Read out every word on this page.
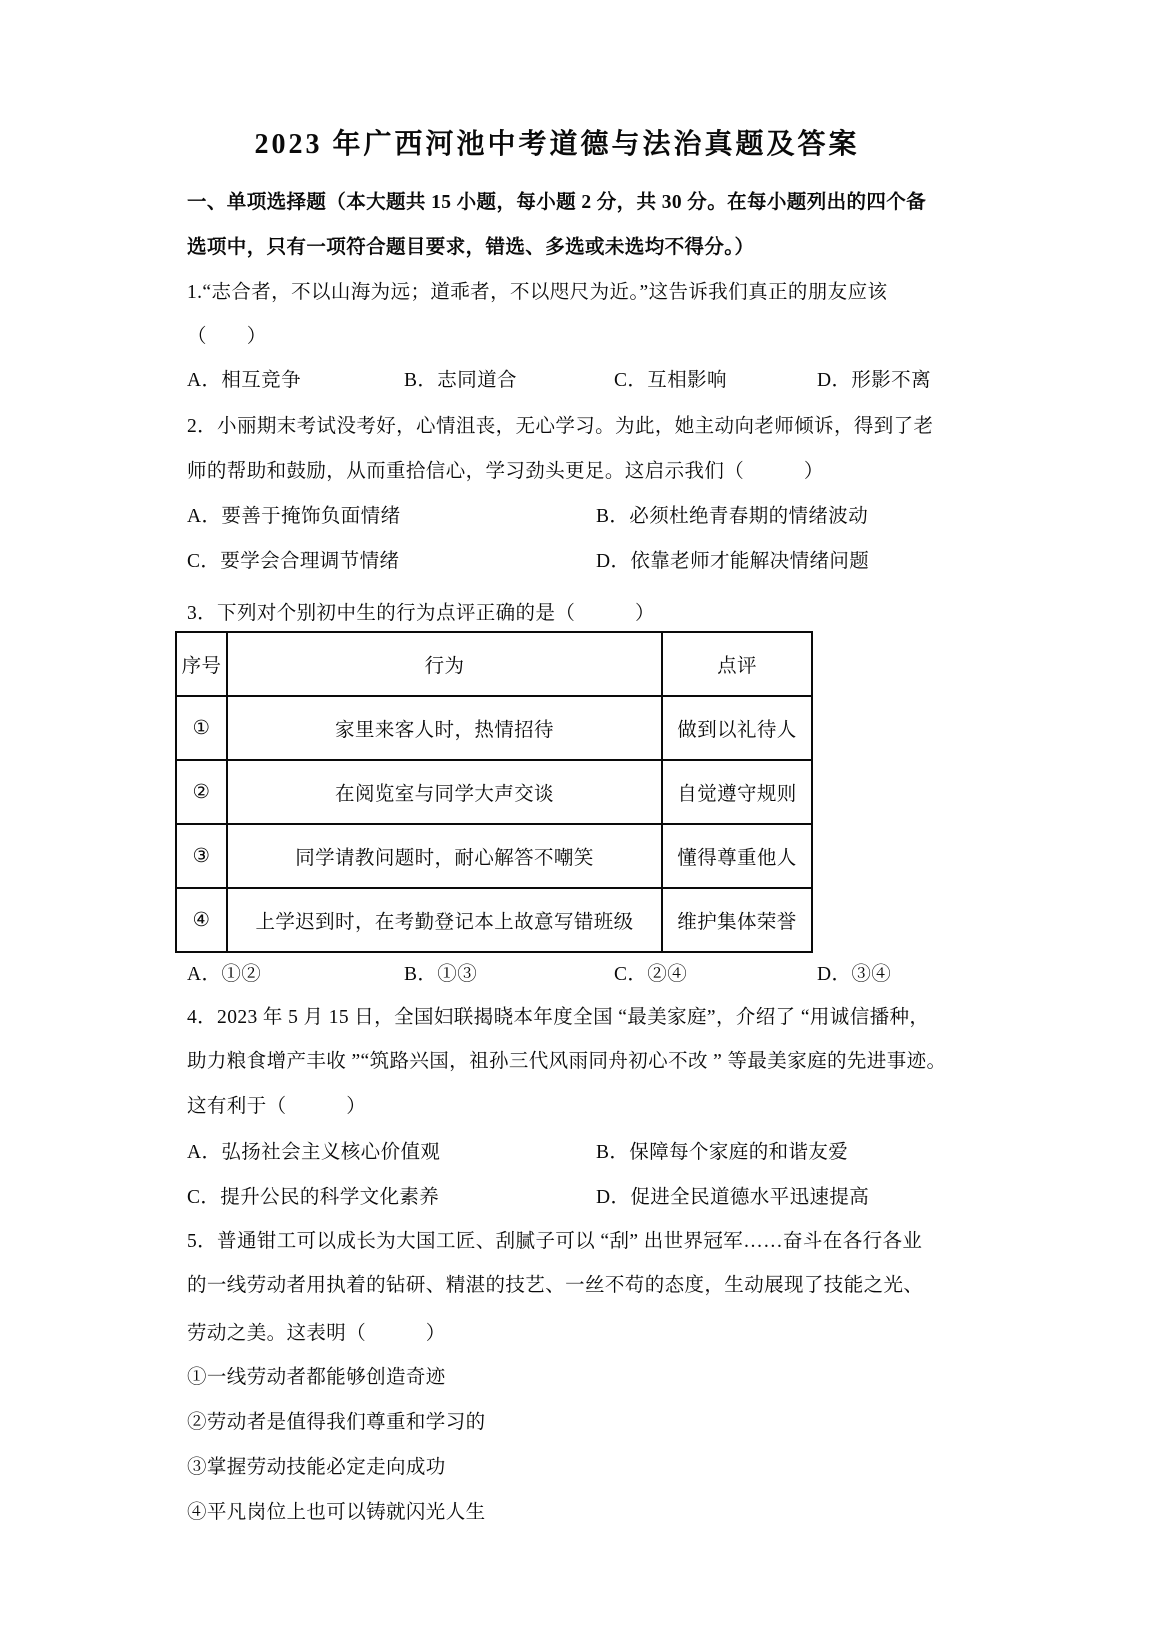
2023 年广西河池中考道德与法治真题及答案
一、单项选择题（本大题共 15 小题，每小题 2 分，共 30 分。在每小题列出的四个备
选项中，只有一项符合题目要求，错选、多选或未选均不得分。）
1.“志合者，不以山海为远；道乖者，不以咫尺为近。”这告诉我们真正的朋友应该
（　　）
A．相互竞争	B．志同道合	C．互相影响	D．形影不离
2．小丽期末考试没考好，心情沮丧，无心学习。为此，她主动向老师倾诉，得到了老
师的帮助和鼓励，从而重拾信心，学习劲头更足。这启示我们（　　　）
A．要善于掩饰负面情绪	B．必须杜绝青春期的情绪波动
C．要学会合理调节情绪	D．依靠老师才能解决情绪问题
3．下列对个别初中生的行为点评正确的是（　　　）
序号	行为	点评
①	家里来客人时，热情招待	做到以礼待人
②	在阅览室与同学大声交谈	自觉遵守规则
③	同学请教问题时，耐心解答不嘲笑	懂得尊重他人
④	上学迟到时，在考勤登记本上故意写错班级	维护集体荣誉
A．①②	B．①③	C．②④	D．③④
4．2023 年 5 月 15 日，全国妇联揭晓本年度全国 “最美家庭”，介绍了 “用诚信播种，
助力粮食增产丰收 ”“筑路兴国，祖孙三代风雨同舟初心不改 ” 等最美家庭的先进事迹。
这有利于（　　　）
A．弘扬社会主义核心价值观	B．保障每个家庭的和谐友爱
C．提升公民的科学文化素养	D．促进全民道德水平迅速提高
5．普通钳工可以成长为大国工匠、刮腻子可以 “刮” 出世界冠军……奋斗在各行各业
的一线劳动者用执着的钻研、精湛的技艺、一丝不苟的态度，生动展现了技能之光、
劳动之美。这表明（　　　）
①一线劳动者都能够创造奇迹
②劳动者是值得我们尊重和学习的
③掌握劳动技能必定走向成功
④平凡岗位上也可以铸就闪光人生
